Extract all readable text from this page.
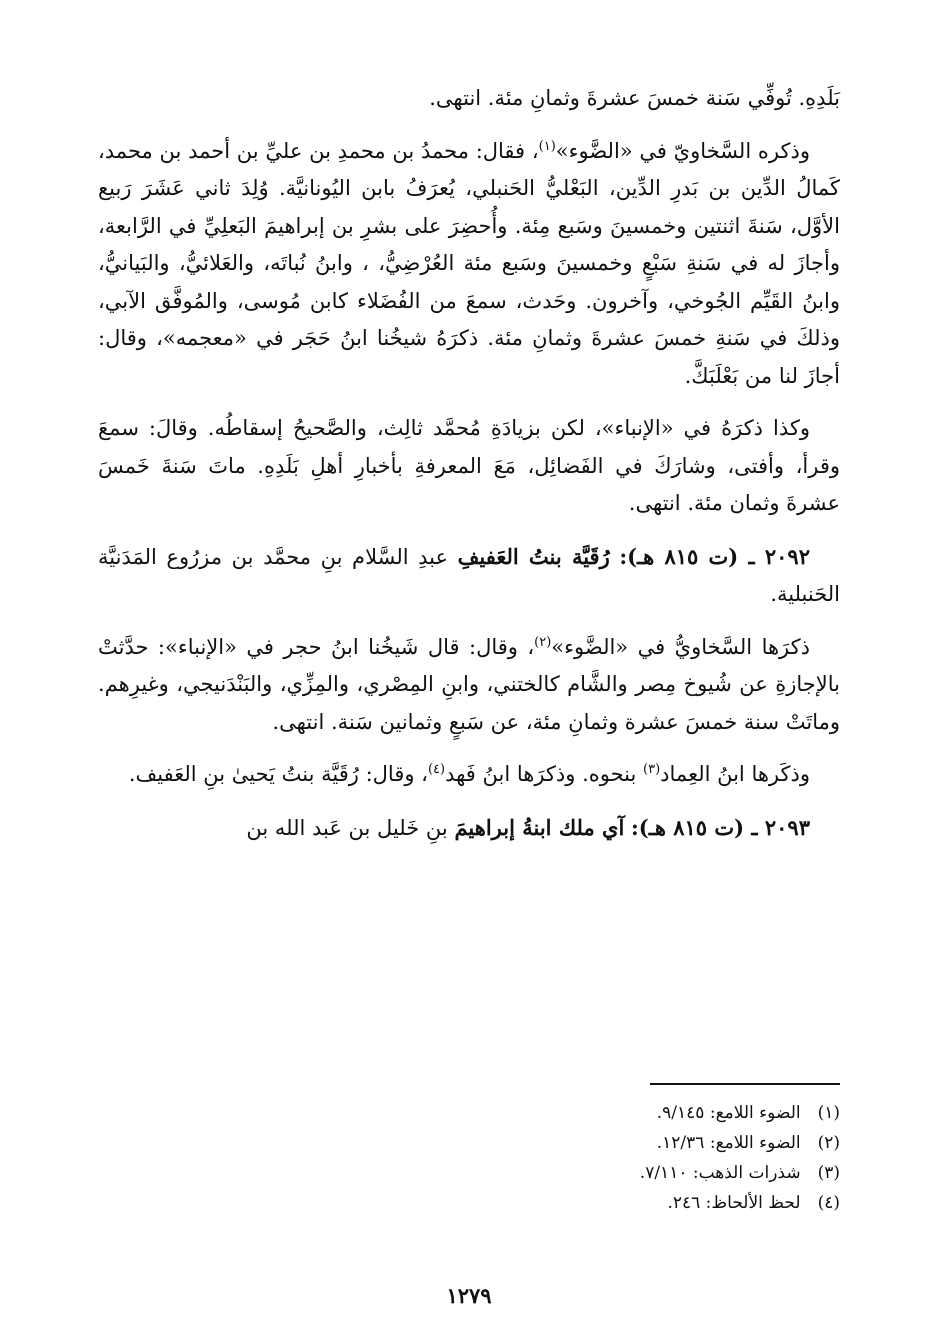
بَلَدِهِ. تُوفِّي سَنة خمسَ عشرةَ وثمانِ مئة. انتهى.

وذكره السَّخاويّ في «الضَّوء»$^{(١)}$، فقال: محمدُ بن محمدِ بن عليِّ بن أحمد بن محمد، كَمالُ الدِّين بن بَدرِ الدِّين، البَعْليُّ الحَنبلي، يُعرَفُ بابن اليُونانيَّة. وُلِدَ ثاني عَشَرَ رَبيع الأوَّل، سَنةَ اثنتين وخمسينَ وسَبع مِئة. وأُحضِرَ على بشرِ بن إبراهيمَ البَعلِيِّ في الرَّابعة، وأجازَ له في سَنةِ سَبْعٍ وخمسينَ وسَبع مئة العُرْضِيُّ، ، وابنُ نُباتَه، والعَلائيُّ، والبَيانيُّ، وابنُ القَيِّم الجُوخي، وآخرون. وحَدث، سمعَ من الفُضَلاء كابن مُوسى، والمُوفَّق الآبي، وذلكَ في سَنةِ خمسَ عشرةَ وثمانِ مئة. ذكرَهُ شيخُنا ابنُ حَجَر في «معجمه»، وقال: أجازَ لنا من بَعْلَبَكَّ.

وكذا ذكرَهُ في «الإنباء»، لكن بزيادَةِ مُحمَّد ثالِث، والصَّحيحُ إسقاطُه. وقالَ: سمعَ وقرأ، وأفتى، وشارَكَ في الفَضائِل، مَعَ المعرفةِ بأخبارِ أهلِ بَلَدِهِ. ماتَ سَنةَ خَمسَ عشرةَ وثمان مئة. انتهى.

٢٠٩٢ ـ (ت ٨١٥ هـ): رُقَيَّة بنتُ العَفيفِ عبدِ السَّلام بنِ محمَّد بن مزرُوع المَدَنيَّة الحَنبلية.

ذكرَها السَّخاويُّ في «الضَّوء»$^{(٢)}$، وقال: قال شَيخُنا ابنُ حجر في «الإنباء»: حدَّثتْ بالإجازةِ عن شُيوخ مِصر والشَّام كالختني، وابنِ المِصْري، والمِزِّي، والبَنْدَنيجي، وغيرِهم. وماتَتْ سنة خمسَ عشرة وثمانِ مئة، عن سَبعٍ وثمانين سَنة. انتهى.

وذكَرها ابنُ العِماد$^{(٣)}$ بنحوه. وذكرَها ابنُ فَهد$^{(٤)}$، وقال: رُقَيَّة بنتُ يَحيىٰ بنِ العَفيف.

٢٠٩٣ ـ (ت ٨١٥ هـ): آي ملك ابنةُ إبراهيمَ بنِ خَليل بن عَبد الله بن

(١) الضوء اللامع: ٩/١٤٥.
(٢) الضوء اللامع: ١٢/٣٦.
(٣) شذرات الذهب: ٧/١١٠.
(٤) لحظ الألحاظ: ٢٤٦.
١٢٧٩
